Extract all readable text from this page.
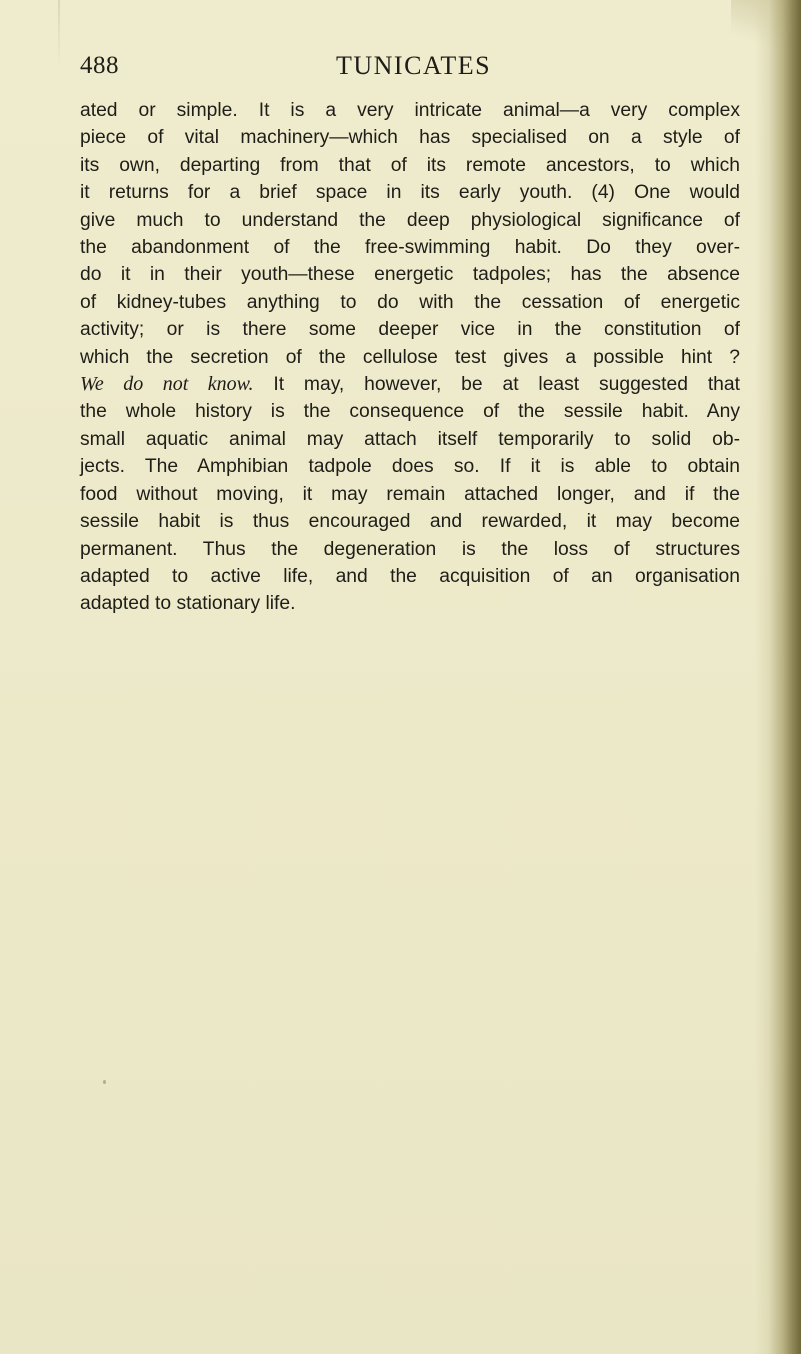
488	TUNICATES
ated or simple. It is a very intricate animal—a very complex
piece of vital machinery—which has specialised on a style of
its own, departing from that of its remote ancestors, to which
it returns for a brief space in its early youth. (4) One would
give much to understand the deep physiological significance of
the abandonment of the free-swimming habit. Do they over-
do it in their youth—these energetic tadpoles; has the absence
of kidney-tubes anything to do with the cessation of energetic
activity; or is there some deeper vice in the constitution of
which the secretion of the cellulose test gives a possible hint ?
We do not know. It may, however, be at least suggested that
the whole history is the consequence of the sessile habit. Any
small aquatic animal may attach itself temporarily to solid ob-
jects. The Amphibian tadpole does so. If it is able to obtain
food without moving, it may remain attached longer, and if the
sessile habit is thus encouraged and rewarded, it may become
permanent. Thus the degeneration is the loss of structures
adapted to active life, and the acquisition of an organisation
adapted to stationary life.
